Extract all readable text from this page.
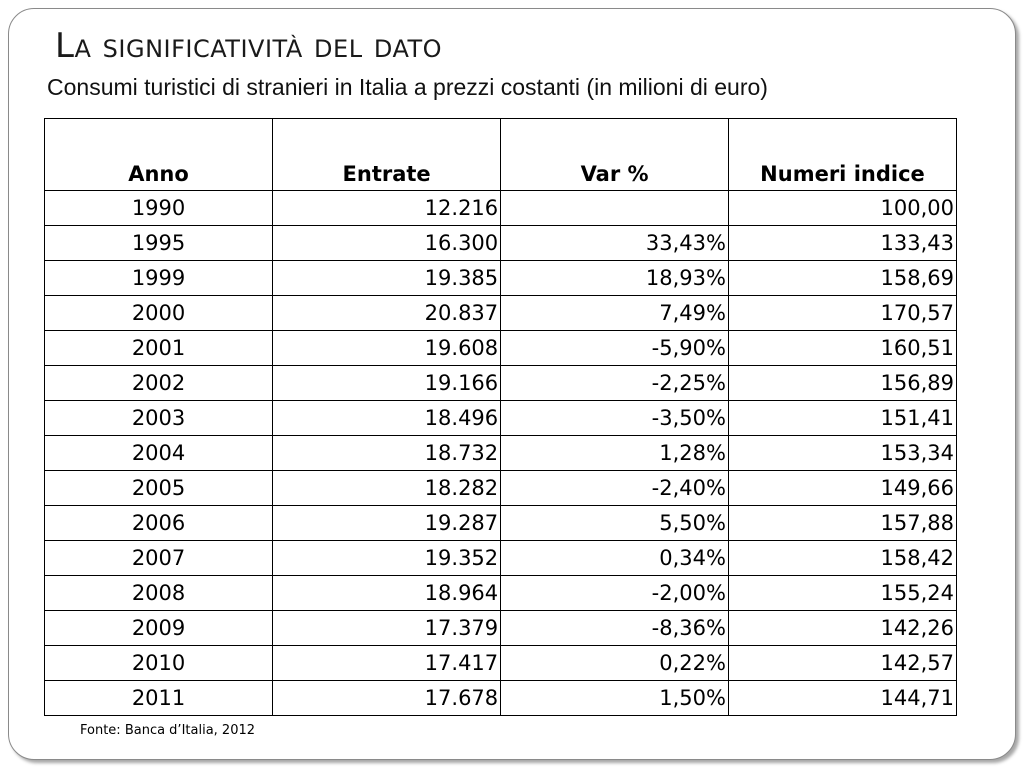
La significatività del dato

Consumi turistici di stranieri in Italia a prezzi costanti (in milioni di euro)

Anno	Entrate	Var %	Numeri indice
1990	12.216		100,00
1995	16.300	33,43%	133,43
1999	19.385	18,93%	158,69
2000	20.837	7,49%	170,57
2001	19.608	-5,90%	160,51
2002	19.166	-2,25%	156,89
2003	18.496	-3,50%	151,41
2004	18.732	1,28%	153,34
2005	18.282	-2,40%	149,66
2006	19.287	5,50%	157,88
2007	19.352	0,34%	158,42
2008	18.964	-2,00%	155,24
2009	17.379	-8,36%	142,26
2010	17.417	0,22%	142,57
2011	17.678	1,50%	144,71

Fonte: Banca d’Italia, 2012
